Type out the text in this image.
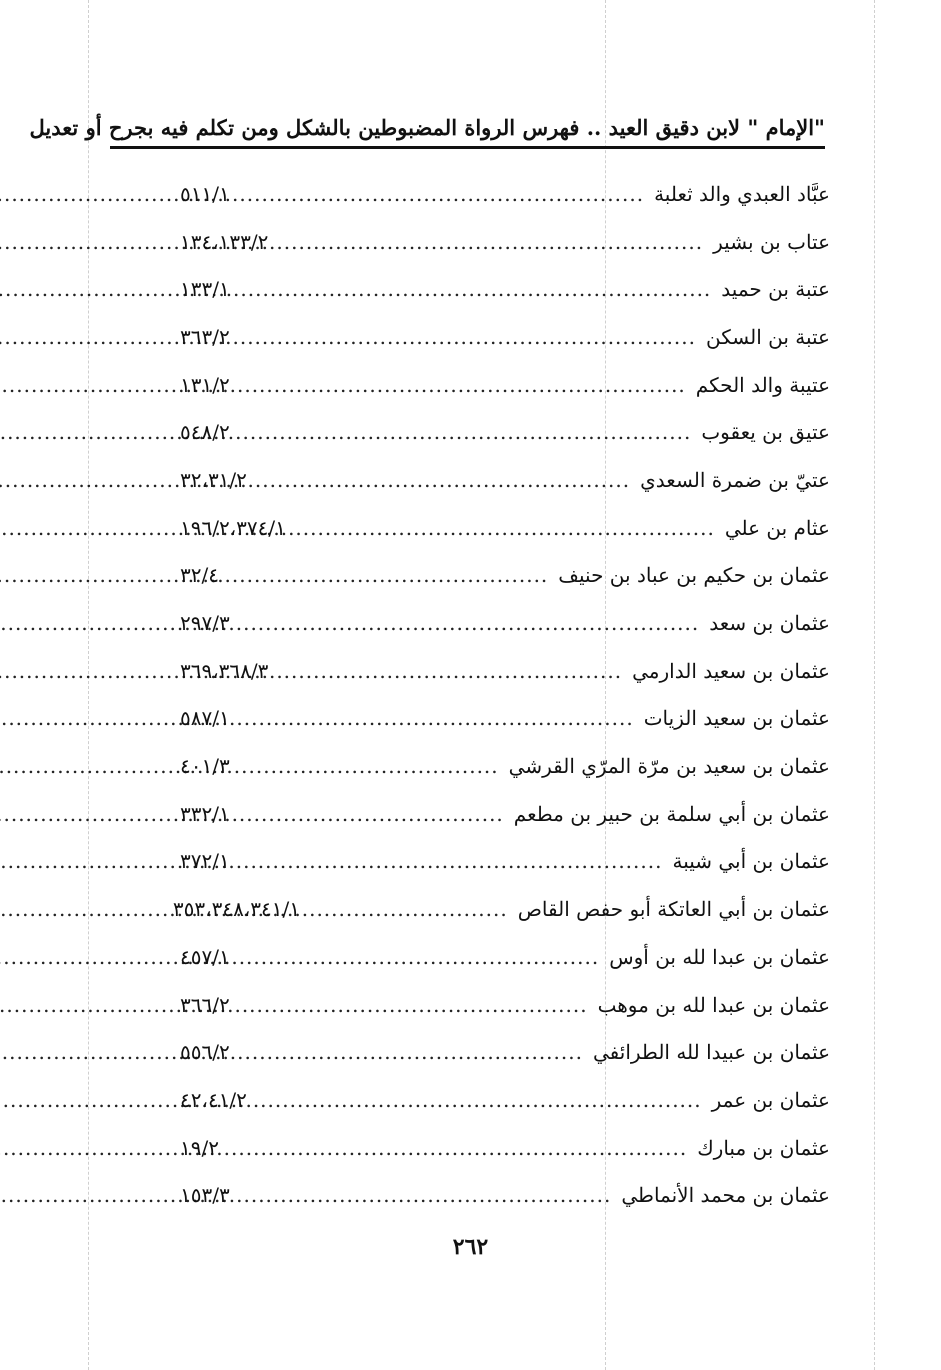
"الإمام " لابن دقيق العيد .. فهرس الرواة المضبوطين بالشكل ومن تكلم فيه بجرح أو تعديل
عبَّاد العبدي والد ثعلبة
.....
٥١١/١
عتاب بن بشير
.....
١٣٤،١٣٣/٢
عتبة بن حميد
.....
١٣٣/١
عتبة بن السكن
.....
٣٦٣/٢
عتيبة والد الحكم
.....
١٣١/٢
عتيق بن يعقوب
.....
٥٤٨/٢
عتيّ بن ضمرة السعدي
.....
٣٢،٣١/٢
عثام بن علي
.....
١٩٦/٢،٣٧٤/١
عثمان بن حكيم بن عباد بن حنيف
.....
٣٢/٤
عثمان بن سعد
.....
٢٩٧/٣
عثمان بن سعيد الدارمي
.....
٣٦٩،٣٦٨/٣
عثمان بن سعيد الزيات
.....
٥٨٧/١
عثمان بن سعيد بن مرّة المرّي القرشي
.....
٤٠١/٣
عثمان بن أبي سلمة بن حبير بن مطعم
.....
٣٣٢/١
عثمان بن أبي شيبة
.....
٣٧٢/١
عثمان بن أبي العاتكة أبو حفص القاص
.....
٣٥٣،٣٤٨،٣٤١/١
عثمان بن عبدا لله بن أوس
.....
٤٥٧/١
عثمان بن عبدا لله بن موهب
.....
٣٦٦/٢
عثمان بن عبيدا لله الطرائفي
.....
٥٥٦/٢
عثمان بن عمر
.....
٤٢،٤١/٢
عثمان بن مبارك
.....
١٩/٢
عثمان بن محمد الأنماطي
.....
١٥٣/٣
٢٦٢
